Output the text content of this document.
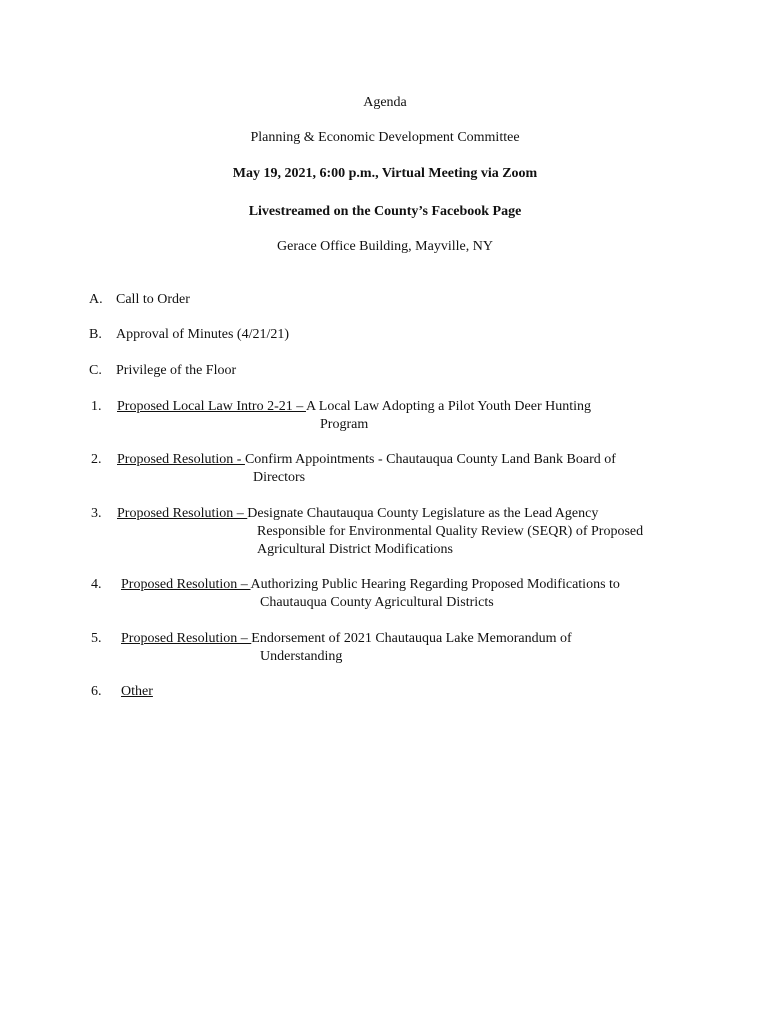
Agenda
Planning & Economic Development Committee
May 19, 2021, 6:00 p.m., Virtual Meeting via Zoom
Livestreamed on the County’s Facebook Page
Gerace Office Building, Mayville, NY
A. Call to Order
B. Approval of Minutes (4/21/21)
C. Privilege of the Floor
1. Proposed Local Law Intro 2-21 – A Local Law Adopting a Pilot Youth Deer Hunting
Program
2. Proposed Resolution - Confirm Appointments - Chautauqua County Land Bank Board of
Directors
3. Proposed Resolution – Designate Chautauqua County Legislature as the Lead Agency
Responsible for Environmental Quality Review (SEQR) of Proposed
Agricultural District Modifications
4. Proposed Resolution – Authorizing Public Hearing Regarding Proposed Modifications to
Chautauqua County Agricultural Districts
5. Proposed Resolution – Endorsement of 2021 Chautauqua Lake Memorandum of
Understanding
6. Other
